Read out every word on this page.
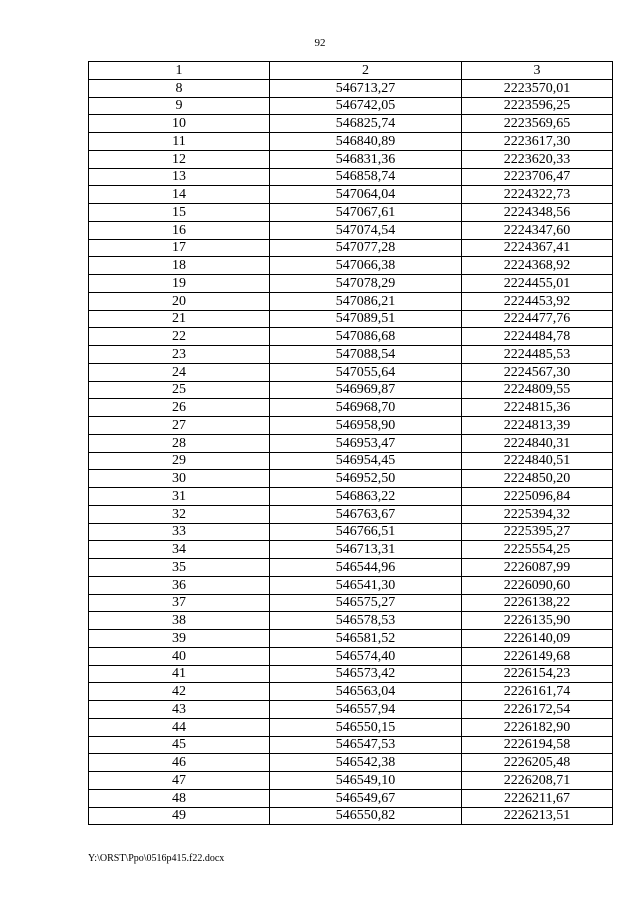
92
1	2	3
8	546713,27	2223570,01
9	546742,05	2223596,25
10	546825,74	2223569,65
11	546840,89	2223617,30
12	546831,36	2223620,33
13	546858,74	2223706,47
14	547064,04	2224322,73
15	547067,61	2224348,56
16	547074,54	2224347,60
17	547077,28	2224367,41
18	547066,38	2224368,92
19	547078,29	2224455,01
20	547086,21	2224453,92
21	547089,51	2224477,76
22	547086,68	2224484,78
23	547088,54	2224485,53
24	547055,64	2224567,30
25	546969,87	2224809,55
26	546968,70	2224815,36
27	546958,90	2224813,39
28	546953,47	2224840,31
29	546954,45	2224840,51
30	546952,50	2224850,20
31	546863,22	2225096,84
32	546763,67	2225394,32
33	546766,51	2225395,27
34	546713,31	2225554,25
35	546544,96	2226087,99
36	546541,30	2226090,60
37	546575,27	2226138,22
38	546578,53	2226135,90
39	546581,52	2226140,09
40	546574,40	2226149,68
41	546573,42	2226154,23
42	546563,04	2226161,74
43	546557,94	2226172,54
44	546550,15	2226182,90
45	546547,53	2226194,58
46	546542,38	2226205,48
47	546549,10	2226208,71
48	546549,67	2226211,67
49	546550,82	2226213,51
Y:\ORST\Ppo\0516p415.f22.docx
